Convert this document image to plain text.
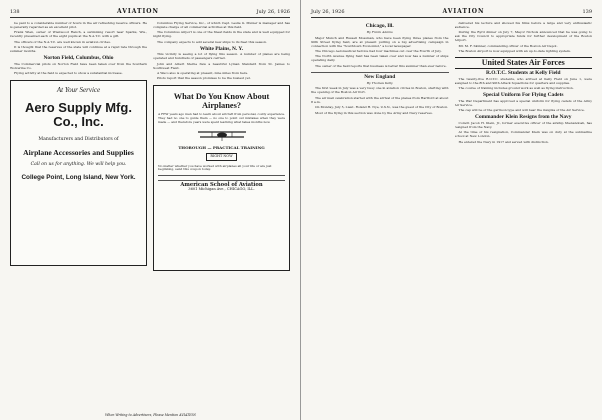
138	AVIATION	July 26, 1926

be paid to a considerable number of hours in the air refreshing reserve officers. He is generally regarded as an excellent pilot.

Frank Wien, owner of Wienwood Ranch, a swimming resort near Sparks, Wis., recently presented each of the eight pupils at the N.A.T.C. with a gift.

The officers of the N.A.T.C. are well known in aviation circles.

It is thought that the reserves of the state will continue at a rapid rate through the summer months.

Norton Field, Columbus, Ohio

The Commercial pilots on Norton Field have been taken over from the Southern Wolverine Co.

Flying activity at the field is expected to show a substantial increase.

At Your Service
Aero Supply Mfg. Co., Inc.
Manufacturers and Distributors of
Airplane Accessories and Supplies
Call on us for anything. We will help you.
College Point, Long Island, New York.

Columbus Flying Service, Inc., of which Capt. Leslie G. Mulzer is manager and has complete charge of all commercial activities at this field.

The Columbus Airport is one of the finest fields in the state and is well equipped for night flying.

The company expects to add several new ships to its fleet this season.

White Plains, N. Y.

This vicinity is seeing a lot of flying this season. A number of planes are being operated and hundreds of passengers carried.

John and Albert Sterne flew a beautiful Lyman Standard from St. James to Southwest Field.

A Waco also is operating at present, nine miles from here.

Pilots report that the season promises to be the busiest yet.

What Do You Know About Airplanes?
A FEW years ago men had to learn about aircraft from personal, costly experience. They had no one to guide them — no one to point out mistakes when they were made — and therefore years were spent learning what takes months now.
THOROUGH — PRACTICAL TRAINING
RIGHT NOW
No matter whether you have worked with airplanes all your life or are just beginning, send this coupon today.
American School of Aviation
3601 Michigan Ave., CHICAGO, ILL.
When Writing to Advertisers, Please Mention AVIATION
July 26, 1926	AVIATION	139
Chicago, Ill.
By Frank Adams

Major Munch and Russell Mossman, who have been flying three planes from the 90th Street flying field, are at present putting on a big advertising campaign in connection with the "Southtown Economist," a local newspaper.

The Chicago Aeronautical Service had four machines out over the Fourth of July.

The North Avenue flying field has been taken over and now has a number of ships operating daily.

The owner of the field reports that business is better this summer than ever before.

New England
By Thomas Kelly

The first week in July was a very busy one in aviation circles in Boston, starting with the opening of the Boston Air Port.

The air mail celebration started with the arrival of the planes from Hartford at about 8 a.m.

On Monday, July 5, Lieut. Roland H. Nye, U.S.N., was the guest of the City of Boston.

Most of the flying in this section was done by the Army and Navy reserves.

delivered his lecture and showed his films before a large and very enthusiastic audience.

During the Byrd dinner on July 7, Mayor Nichols announced that he was going to ask the City Council to appropriate funds for further development of the Boston Airport.

Mr. M. F. Skinner, commanding officer of the Boston Air Depot.

The Boston Airport is now equipped with an up-to-date lighting system.

United States Air Forces
R.O.T.C. Students at Kelly Field

The twenty-five R.O.T.C. students, who arrived at Kelly Field on June 1, were assigned to the 8th and 90th Attack Squadrons for quarters and supplies.

The course of training includes ground work as well as flying instruction.

Special Uniform For Flying Cadets

The War Department has approved a special uniform for flying cadets of the Army Air Service.

The cap will be of the garrison type and will bear the insignia of the Air Service.

Commander Klein Resigns from the Navy

Comdr. Jacob H. Klein, Jr., former executive officer of the airship Shenandoah, has resigned from the Navy.

At the time of his resignation, Commander Klein was on duty at the submarine school at New London.

He entered the Navy in 1917 and served with distinction.
